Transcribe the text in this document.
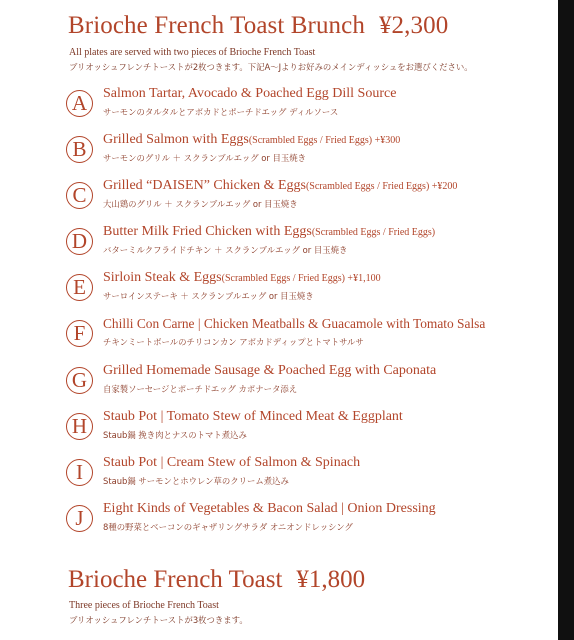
Brioche French Toast Brunch ¥2,300
All plates are served with two pieces of Brioche French Toast
ブリオッシュフレンチトーストが2枚つきます。下記A～Jよりお好みのメインディッシュをお選びください。
A	Salmon Tartar, Avocado & Poached Egg Dill Source
サーモンのタルタルとアボカドとポーチドエッグ ディルソース
B	Grilled Salmon with Eggs(Scrambled Eggs / Fried Eggs) +¥300
サーモンのグリル ＋ スクランブルエッグ or 目玉焼き
C	Grilled “DAISEN” Chicken & Eggs(Scrambled Eggs / Fried Eggs) +¥200
大山鶏のグリル ＋ スクランブルエッグ or 目玉焼き
D	Butter Milk Fried Chicken with Eggs(Scrambled Eggs / Fried Eggs)
バターミルクフライドチキン ＋ スクランブルエッグ or 目玉焼き
E	Sirloin Steak & Eggs(Scrambled Eggs / Fried Eggs) +¥1,100
サーロインステーキ ＋ スクランブルエッグ or 目玉焼き
F	Chilli Con Carne | Chicken Meatballs & Guacamole with Tomato Salsa
チキンミートボールのチリコンカン アボカドディップとトマトサルサ
G	Grilled Homemade Sausage & Poached Egg with Caponata
自家製ソーセージとポーチドエッグ カポナータ添え
H	Staub Pot | Tomato Stew of Minced Meat & Eggplant
Staub鍋 挽き肉とナスのトマト煮込み
I	Staub Pot | Cream Stew of Salmon & Spinach
Staub鍋 サーモンとホウレン草のクリーム煮込み
J	Eight Kinds of Vegetables & Bacon Salad | Onion Dressing
8種の野菜とベーコンのギャザリングサラダ オニオンドレッシング
Brioche French Toast ¥1,800
Three pieces of Brioche French Toast
ブリオッシュフレンチトーストが3枚つきます。
